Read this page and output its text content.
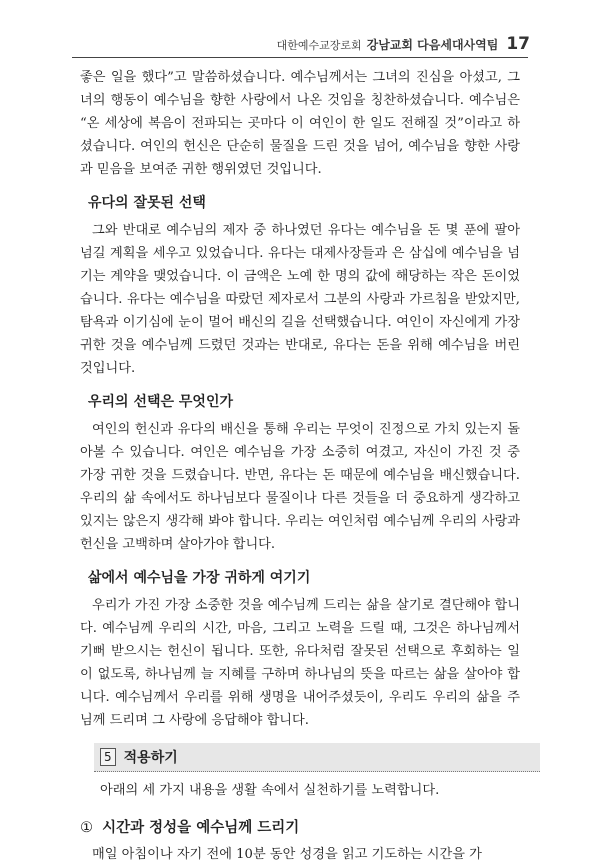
대한예수교장로회 강남교회 다음세대사역팀 17

좋은 일을 했다”고 말씀하셨습니다. 예수님께서는 그녀의 진심을 아셨고, 그녀의 행동이 예수님을 향한 사랑에서 나온 것임을 칭찬하셨습니다. 예수님은 “온 세상에 복음이 전파되는 곳마다 이 여인이 한 일도 전해질 것”이라고 하셨습니다. 여인의 헌신은 단순히 물질을 드린 것을 넘어, 예수님을 향한 사랑과 믿음을 보여준 귀한 행위였던 것입니다.

유다의 잘못된 선택

그와 반대로 예수님의 제자 중 하나였던 유다는 예수님을 돈 몇 푼에 팔아넘길 계획을 세우고 있었습니다. 유다는 대제사장들과 은 삼십에 예수님을 넘기는 계약을 맺었습니다. 이 금액은 노예 한 명의 값에 해당하는 작은 돈이었습니다. 유다는 예수님을 따랐던 제자로서 그분의 사랑과 가르침을 받았지만, 탐욕과 이기심에 눈이 멀어 배신의 길을 선택했습니다. 여인이 자신에게 가장 귀한 것을 예수님께 드렸던 것과는 반대로, 유다는 돈을 위해 예수님을 버린 것입니다.

우리의 선택은 무엇인가

여인의 헌신과 유다의 배신을 통해 우리는 무엇이 진정으로 가치 있는지 돌아볼 수 있습니다. 여인은 예수님을 가장 소중히 여겼고, 자신이 가진 것 중 가장 귀한 것을 드렸습니다. 반면, 유다는 돈 때문에 예수님을 배신했습니다. 우리의 삶 속에서도 하나님보다 물질이나 다른 것들을 더 중요하게 생각하고 있지는 않은지 생각해 봐야 합니다. 우리는 여인처럼 예수님께 우리의 사랑과 헌신을 고백하며 살아가야 합니다.

삶에서 예수님을 가장 귀하게 여기기

우리가 가진 가장 소중한 것을 예수님께 드리는 삶을 살기로 결단해야 합니다. 예수님께 우리의 시간, 마음, 그리고 노력을 드릴 때, 그것은 하나님께서 기뻐 받으시는 헌신이 됩니다. 또한, 유다처럼 잘못된 선택으로 후회하는 일이 없도록, 하나님께 늘 지혜를 구하며 하나님의 뜻을 따르는 삶을 살아야 합니다. 예수님께서 우리를 위해 생명을 내어주셨듯이, 우리도 우리의 삶을 주님께 드리며 그 사랑에 응답해야 합니다.

5 적용하기
아래의 세 가지 내용을 생활 속에서 실천하기를 노력합니다.
① 시간과 정성을 예수님께 드리기

매일 아침이나 자기 전에 10분 동안 성경을 읽고 기도하는 시간을 가
